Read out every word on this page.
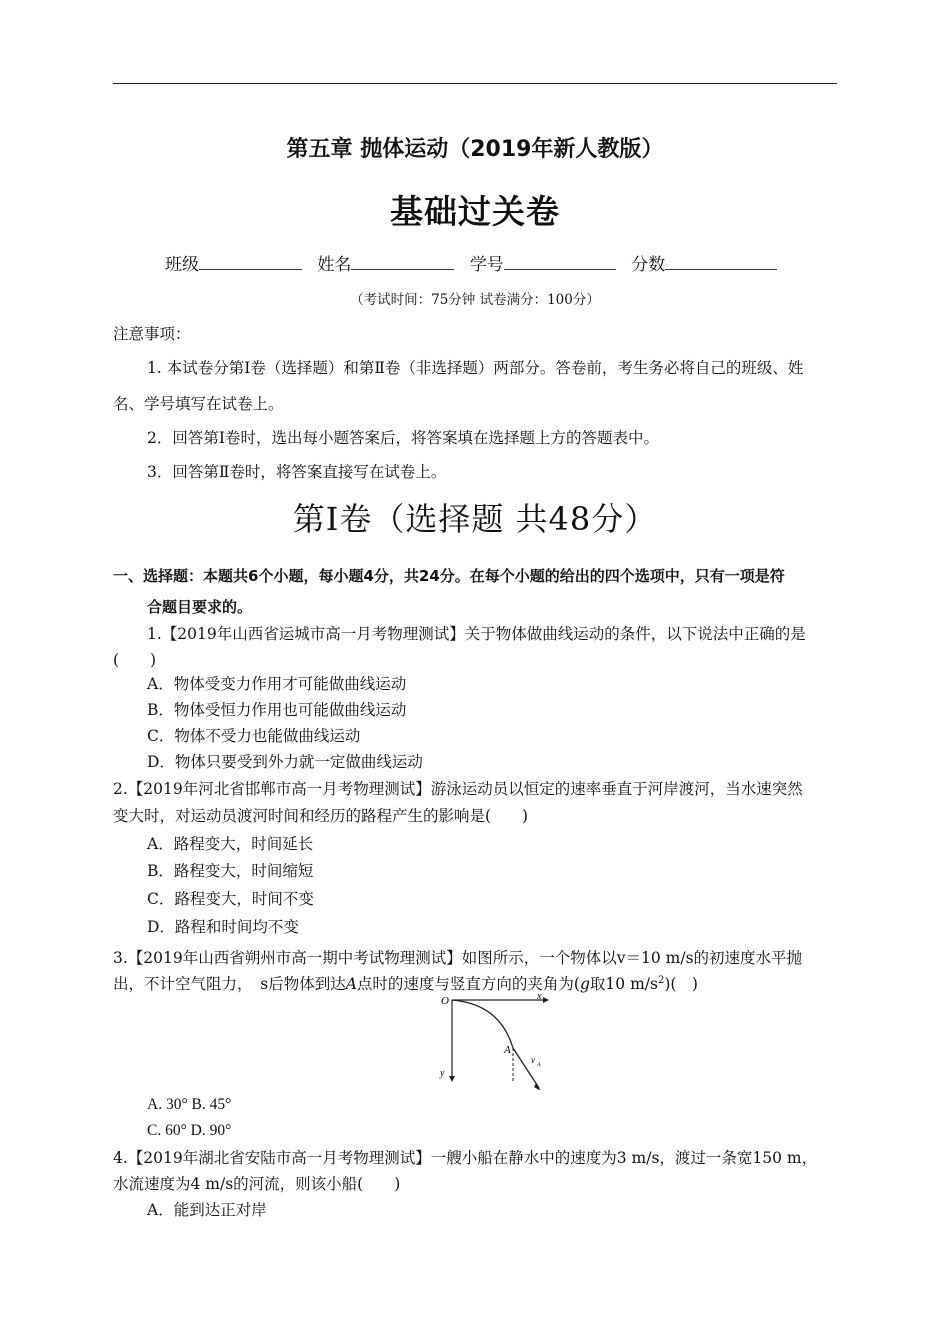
第五章 抛体运动（2019年新人教版）
基础过关卷
班级	姓名	学号	分数
（考试时间：75分钟 试卷满分：100分）
注意事项：
1. 本试卷分第Ⅰ卷（选择题）和第Ⅱ卷（非选择题）两部分。答卷前，考生务必将自己的班级、姓
名、学号填写在试卷上。
2．回答第Ⅰ卷时，选出每小题答案后，将答案填在选择题上方的答题表中。
3．回答第Ⅱ卷时，将答案直接写在试卷上。
第Ⅰ卷（选择题 共48分）
一、选择题：本题共6个小题，每小题4分，共24分。在每个小题的给出的四个选项中，只有一项是符
合题目要求的。
1.【2019年山西省运城市高一月考物理测试】关于物体做曲线运动的条件，以下说法中正确的是
(　　)
A．物体受变力作用才可能做曲线运动
B．物体受恒力作用也可能做曲线运动
C．物体不受力也能做曲线运动
D．物体只要受到外力就一定做曲线运动
2.【2019年河北省邯郸市高一月考物理测试】游泳运动员以恒定的速率垂直于河岸渡河，当水速突然
变大时，对运动员渡河时间和经历的路程产生的影响是(　　)
A．路程变大，时间延长
B．路程变大，时间缩短
C．路程变大，时间不变
D．路程和时间均不变
3.【2019年山西省朔州市高一期中考试物理测试】如图所示，一个物体以v＝10 m/s的初速度水平抛
出，不计空气阻力，　s后物体到达A点时的速度与竖直方向的夹角为(g取10 $m/s^2$)(　)
O	x
y
A
v A
A. 30° B. 45°
C. 60° D. 90°
4.【2019年湖北省安陆市高一月考物理测试】一艘小船在静水中的速度为3 m/s，渡过一条宽150 m，
水流速度为4 m/s的河流，则该小船(　　)
A．能到达正对岸
